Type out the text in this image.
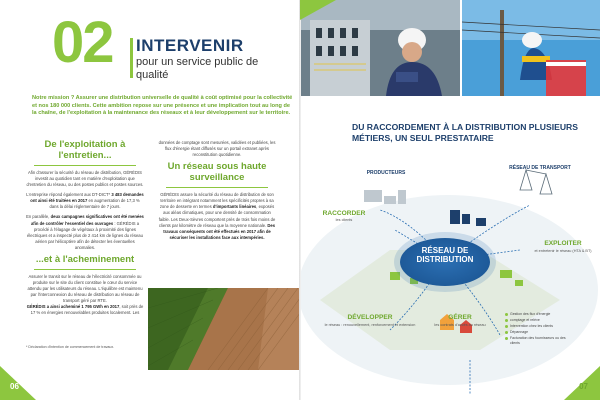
02 INTERVENIR
pour un service public de qualité
Notre mission ? Assurer une distribution universelle de qualité à coût optimisé pour la collectivité et nos 180 000 clients. Cette ambition repose sur une présence et une implication tout au long de la chaîne, de l'exploitation à la maintenance des réseaux et à leur développement sur le territoire.
De l'exploitation à l'entretien...
Afin d'assurer la sécurité du réseau de distribution, GÉRÉDIS investit au quotidien tant en matière d'exploitation que d'entretien du réseau, ou des postes publics et postes sources.
L'entreprise répond également aux DT-DICT* 3 483 demandes ont ainsi été traitées en 2017 en augmentation de 17,3 % dans la délai réglementaire de 7 jours.
En parallèle, deux campagnes significatives ont été menées afin de contrôler l'essentiel des ouvrages : GÉRÉDIS a procédé à l'élagage de végétaux à proximité des lignes électriques et a inspecté plus de 2 414 km de lignes du réseau aérien par hélicoptère afin de détecter les éventuelles anomalies.
...et à l'acheminement
Assurer le transit sur le réseau de l'électricité consommée ou produite sur le site du client constitue le cœur du service attendu par les utilisateurs du réseau. L'équilibre est maintenu par l'interconnexion du réseau de distribution au réseau de transport géré par RTE.
GÉRÉDIS a ainsi acheminé 1 795 GWh en 2017, soit près de 17 % en énergies renouvelables produites localement. Les
données de comptage sont mesurées, validées et publiées, les flux d'énergie étant diffusés sur un portail extranet après reconstitution quotidienne.
Un réseau sous haute surveillance
GÉRÉDIS assure la sécurité du réseau de distribution de son territoire en intégrant notamment les spécificités propres à sa zone de desserte en termes d'importants linéaires, exposés aux aléas climatiques, pour une densité de consommation faible. Les Deux-Sèvres comportent près de trois fois moins de clients par kilomètre de réseau que la moyenne nationale. Des travaux conséquents ont été effectués en 2017 afin de sécuriser les installations face aux intempéries.
* Déclaration d'intention de commencement de travaux.
06
DU RACCORDEMENT À LA DISTRIBUTION PLUSIEURS MÉTIERS, UN SEUL PRESTATAIRE
PRODUCTEURS
RÉSEAU DE TRANSPORT
RACCORDER
les clients
RÉSEAU DE DISTRIBUTION
EXPLOITER
et entretenir le réseau (HTA & BT)
DÉVELOPPER
le réseau : renouvellement, renforcement et extension
GÉRER
les contrats d'accès au réseau
Gestion des flux d'énergie
comptage et relève
Intervention chez les clients
Dépannage
Facturation des fournisseurs ou des clients
07
